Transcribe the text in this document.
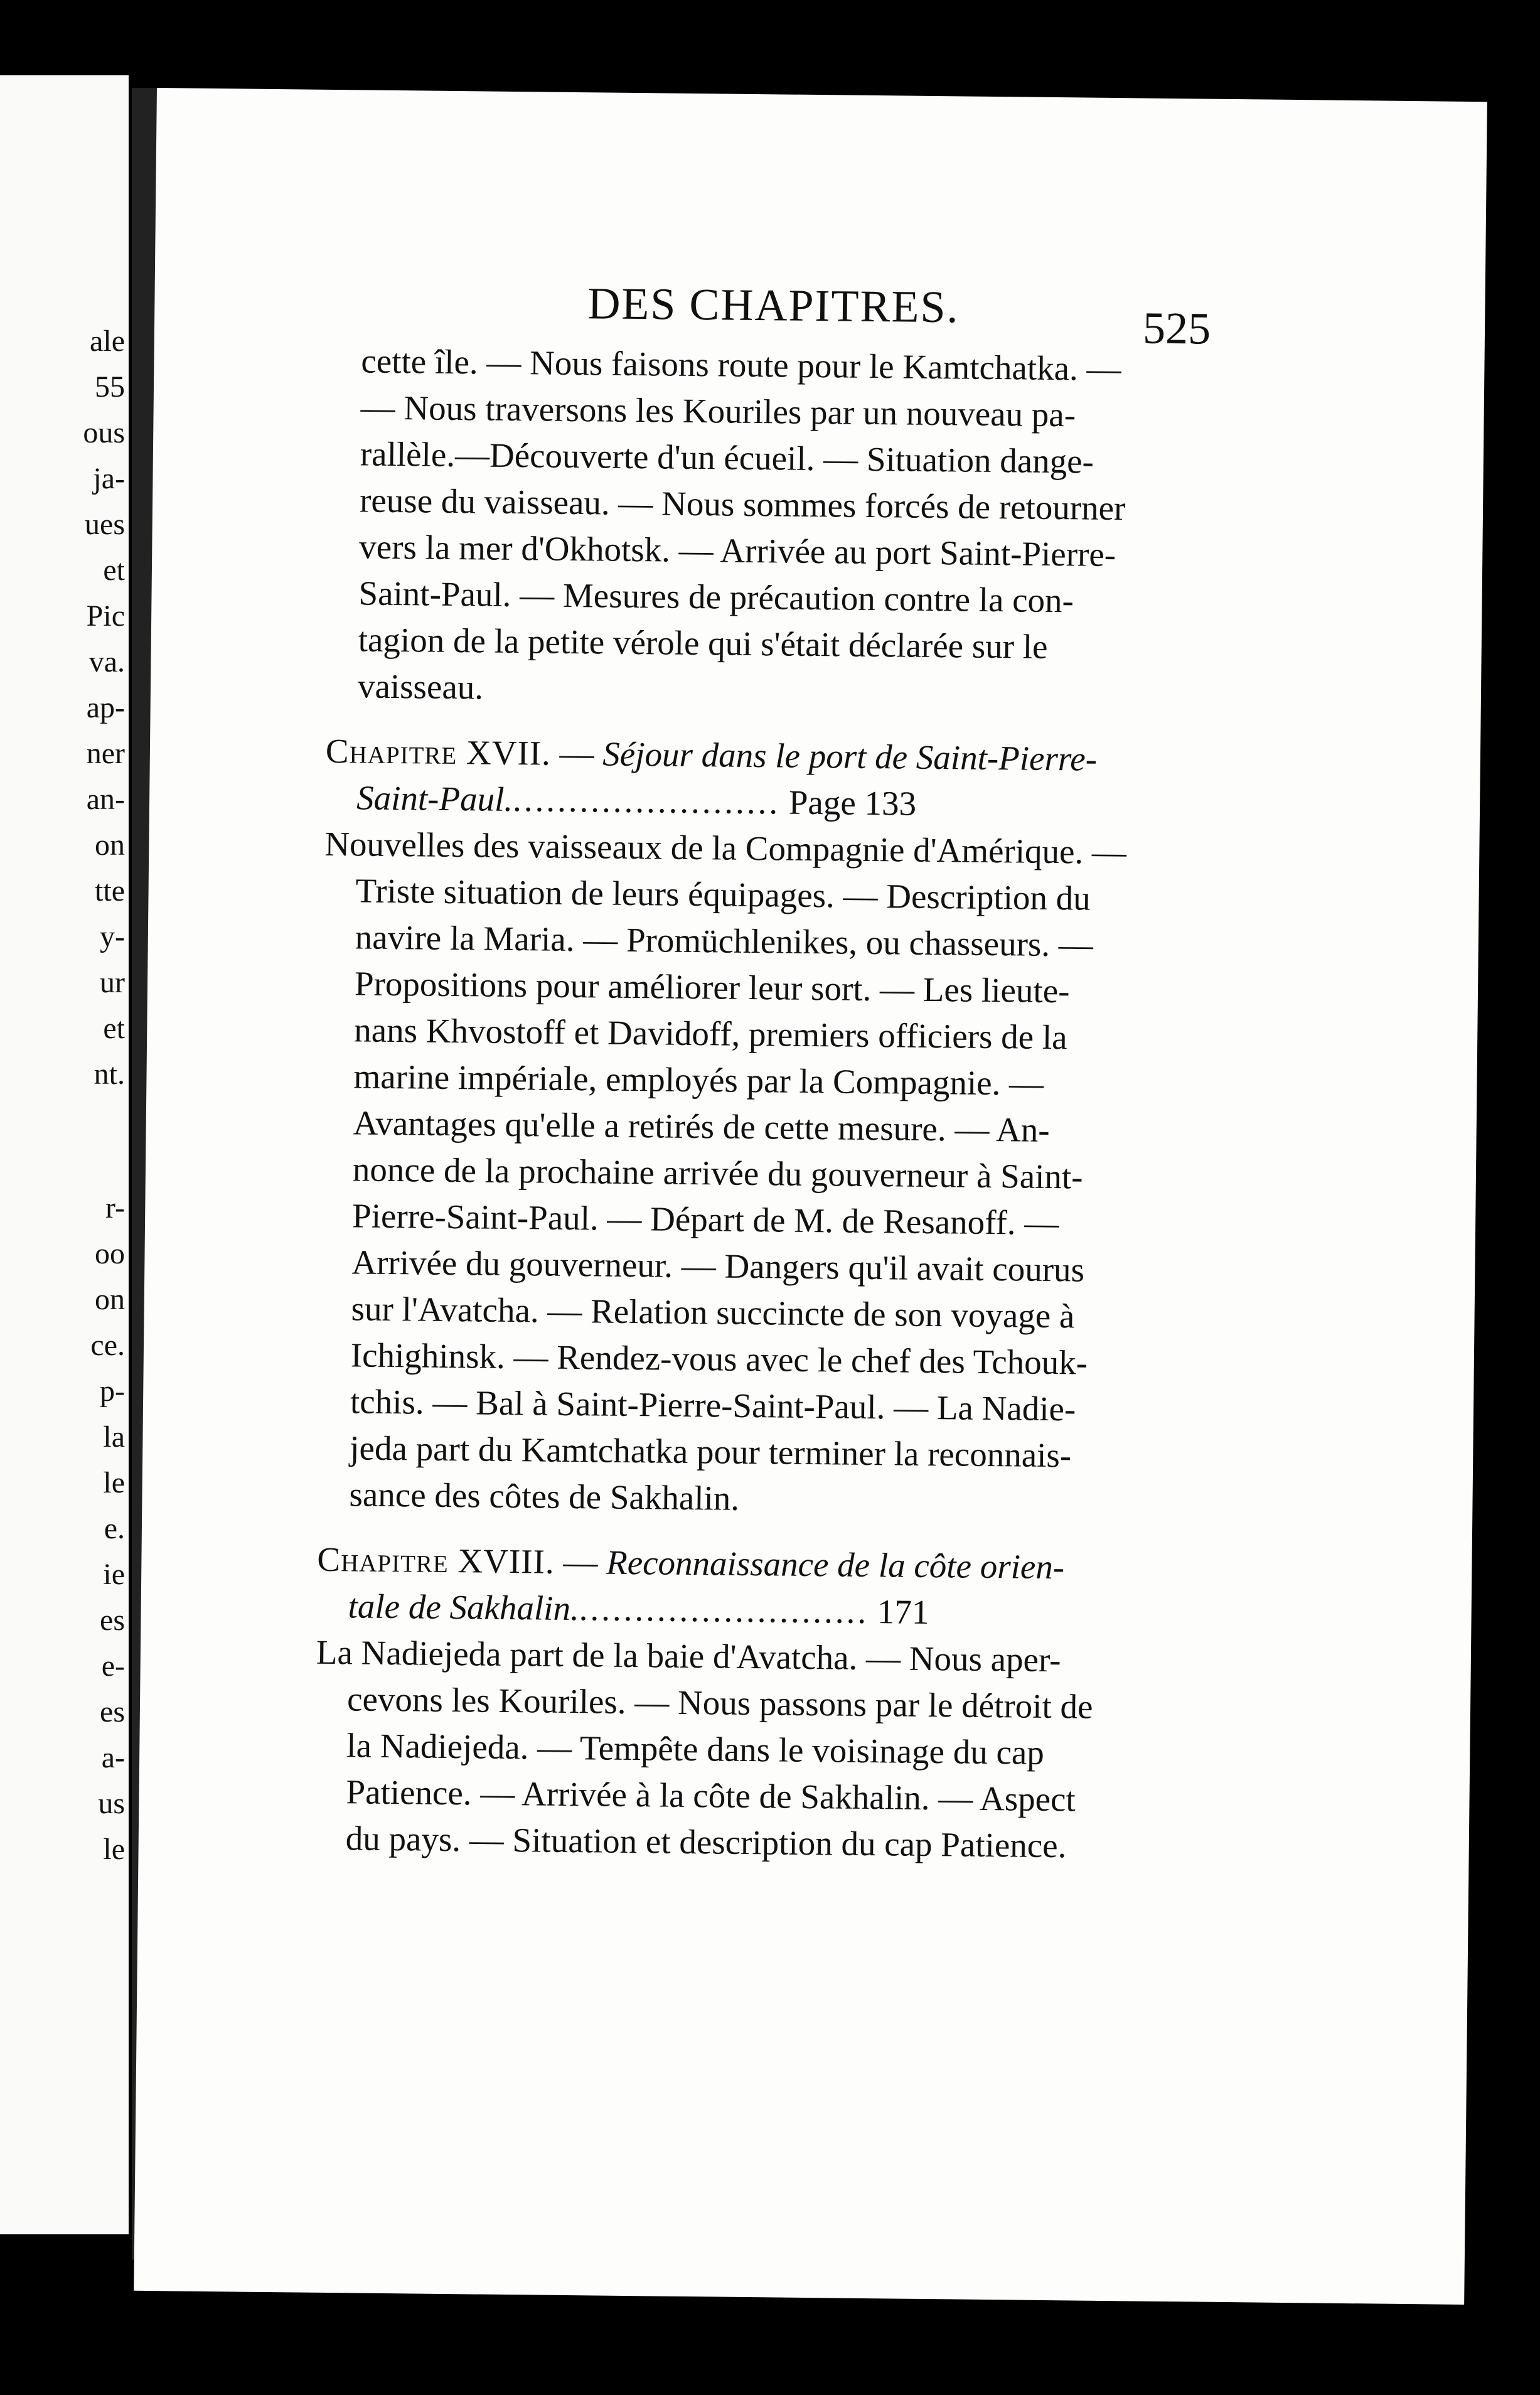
ale
55
ous
ja-
ues
et
Pic
va.
ap-
ner
an-
on
tte
y-
ur
et
nt.
r-
oo
on
ce.
p-
la
le
e.
ie
es
e-
es
a-
us
le
DES CHAPITRES.	525
cette île. — Nous faisons route pour le Kamtchatka. —
— Nous traversons les Kouriles par un nouveau pa-
rallèle.—Découverte d'un écueil. — Situation dange-
reuse du vaisseau. — Nous sommes forcés de retourner
vers la mer d'Okhotsk. — Arrivée au port Saint-Pierre-
Saint-Paul. — Mesures de précaution contre la con-
tagion de la petite vérole qui s'était déclarée sur le
vaisseau.
Chapitre XVII. — Séjour dans le port de Saint-Pierre-
Saint-Paul......................... Page 133
Nouvelles des vaisseaux de la Compagnie d'Amérique. —
Triste situation de leurs équipages. — Description du
navire la Maria. — Promüchlenikes, ou chasseurs. —
Propositions pour améliorer leur sort. — Les lieute-
nans Khvostoff et Davidoff, premiers officiers de la
marine impériale, employés par la Compagnie. —
Avantages qu'elle a retirés de cette mesure. — An-
nonce de la prochaine arrivée du gouverneur à Saint-
Pierre-Saint-Paul. — Départ de M. de Resanoff. —
Arrivée du gouverneur. — Dangers qu'il avait courus
sur l'Avatcha. — Relation succincte de son voyage à
Ichighinsk. — Rendez-vous avec le chef des Tchouk-
tchis. — Bal à Saint-Pierre-Saint-Paul. — La Nadie-
jeda part du Kamtchatka pour terminer la reconnais-
sance des côtes de Sakhalin.
Chapitre XVIII. — Reconnaissance de la côte orien-
tale de Sakhalin........................... 171
La Nadiejeda part de la baie d'Avatcha. — Nous aper-
cevons les Kouriles. — Nous passons par le détroit de
la Nadiejeda. — Tempête dans le voisinage du cap
Patience. — Arrivée à la côte de Sakhalin. — Aspect
du pays. — Situation et description du cap Patience.
